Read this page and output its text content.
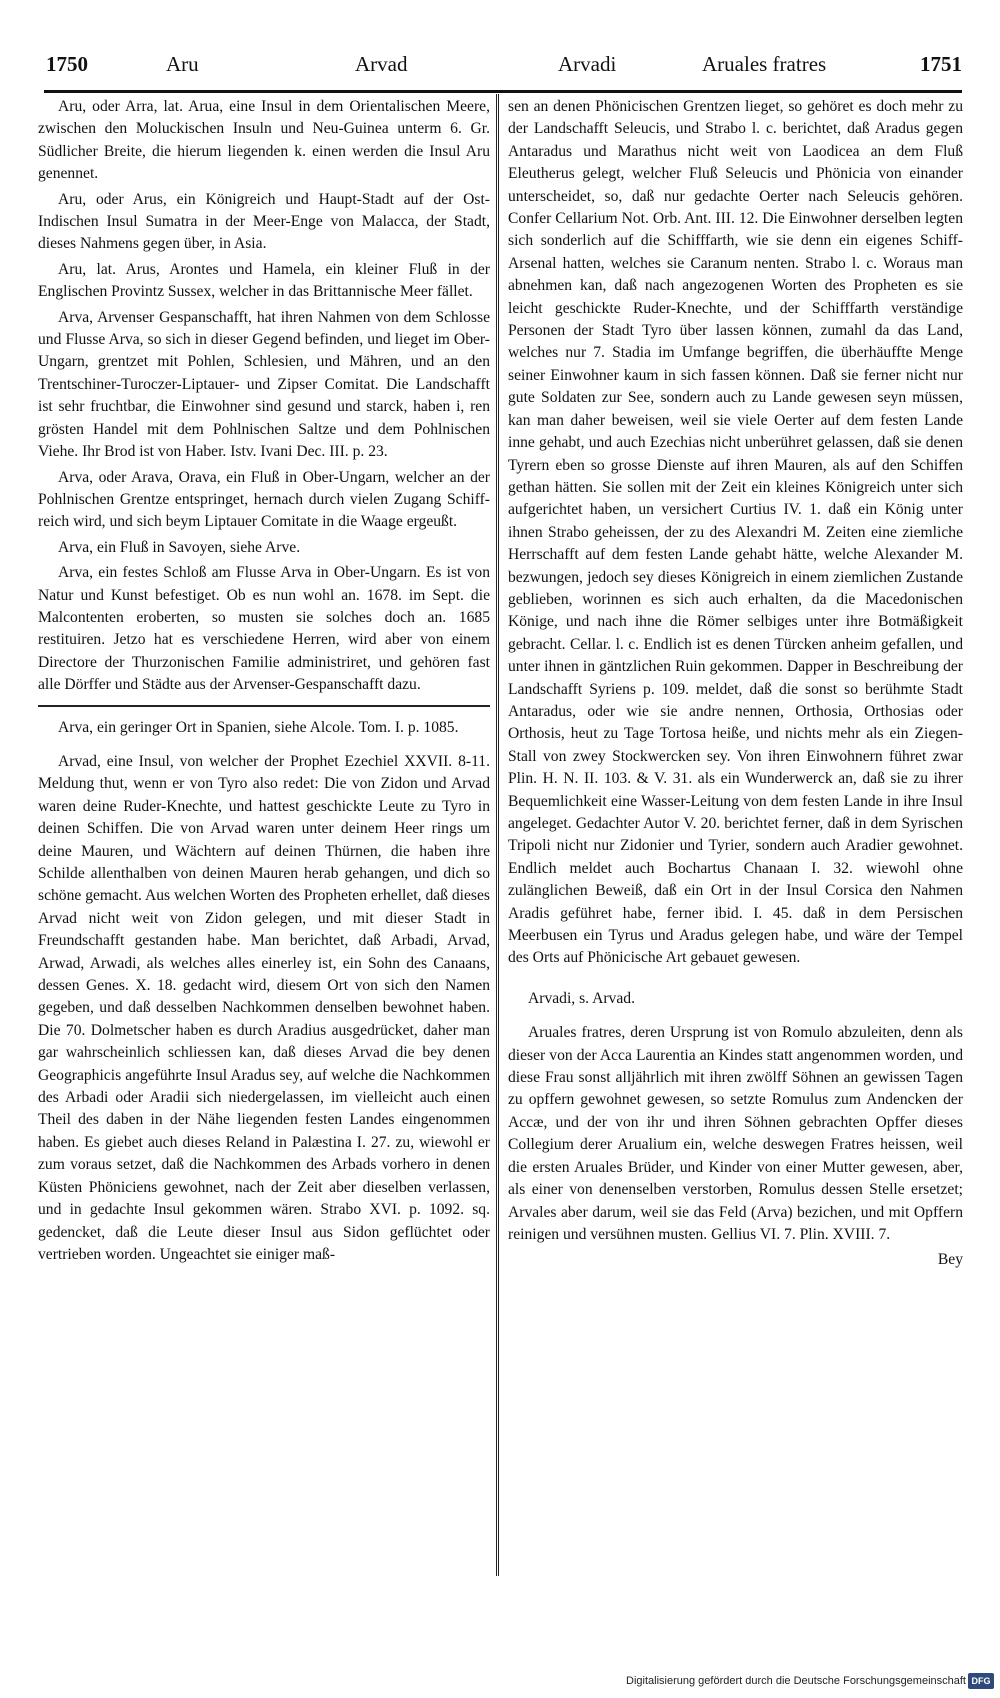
1750	Aru	Arvad	Arvadi	Aruales fratres	1751

Aru, oder Arra, lat. Arua, eine Insul in dem Orientalischen Meere, zwischen den Moluckischen Insuln und Neu-Guinea unterm 6. Gr. Südlicher Breite, die hierum liegenden k. einen werden die Insul Aru genennet.

Aru, oder Arus, ein Königreich und Haupt-Stadt auf der Ost-Indischen Insul Sumatra in der Meer-Enge von Malacca, der Stadt, dieses Nahmens gegen über, in Asia.

Aru, lat. Arus, Arontes und Hamela, ein kleiner Fluß in der Englischen Provintz Sussex, welcher in das Brittannische Meer fället.

Arva, Arvenser Gespanschafft, hat ihren Nahmen von dem Schlosse und Flusse Arva, so sich in dieser Gegend befinden, und lieget im Ober-Ungarn, grentzet mit Pohlen, Schlesien, und Mähren, und an den Trentschiner-Turoczer-Liptauer- und Zipser Comitat. Die Landschafft ist sehr fruchtbar, die Einwohner sind gesund und starck, haben i, ren grösten Handel mit dem Pohlnischen Saltze und dem Pohlnischen Viehe. Ihr Brod ist von Haber. Istv. Ivani Dec. III. p. 23.

Arva, oder Arava, Orava, ein Fluß in Ober-Ungarn, welcher an der Pohlnischen Grentze entspringet, hernach durch vielen Zugang Schiff-reich wird, und sich beym Liptauer Comitate in die Waage ergeußt.

Arva, ein Fluß in Savoyen, siehe Arve.

Arva, ein festes Schloß am Flusse Arva in Ober-Ungarn. Es ist von Natur und Kunst befestiget. Ob es nun wohl an. 1678. im Sept. die Malcontenten eroberten, so musten sie solches doch an. 1685 restituiren. Jetzo hat es verschiedene Herren, wird aber von einem Directore der Thurzonischen Familie administriret, und gehören fast alle Dörffer und Städte aus der Arvenser-Gespanschafft dazu.

Arva, ein geringer Ort in Spanien, siehe Alcole. Tom. I. p. 1085.

Arvad, eine Insul, von welcher der Prophet Ezechiel XXVII. 8-11. Meldung thut, wenn er von Tyro also redet: Die von Zidon und Arvad waren deine Ruder-Knechte, und hattest geschickte Leute zu Tyro in deinen Schiffen. Die von Arvad waren unter deinem Heer rings um deine Mauren, und Wächtern auf deinen Thürnen, die haben ihre Schilde allenthalben von deinen Mauren herab gehangen, und dich so schöne gemacht. Aus welchen Worten des Propheten erhellet, daß dieses Arvad nicht weit von Zidon gelegen, und mit dieser Stadt in Freundschafft gestanden habe. Man berichtet, daß Arbadi, Arvad, Arwad, Arwadi, als welches alles einerley ist, ein Sohn des Canaans, dessen Genes. X. 18. gedacht wird, diesem Ort von sich den Namen gegeben, und daß desselben Nachkommen denselben bewohnet haben. Die 70. Dolmetscher haben es durch Aradius ausgedrücket, daher man gar wahrscheinlich schliessen kan, daß dieses Arvad die bey denen Geographicis angeführte Insul Aradus sey, auf welche die Nachkommen des Arbadi oder Aradii sich niedergelassen, im vielleicht auch einen Theil des daben in der Nähe liegenden festen Landes eingenommen haben. Es giebet auch dieses Reland in Palæstina I. 27. zu, wiewohl er zum voraus setzet, daß die Nachkommen des Arbads vorhero in denen Küsten Phöniciens gewohnet, nach der Zeit aber dieselben verlassen, und in gedachte Insul gekommen wären. Strabo XVI. p. 1092. sq. gedencket, daß die Leute dieser Insul aus Sidon geflüchtet oder vertrieben worden. Ungeachtet sie einiger maß-

sen an denen Phönicischen Grentzen lieget, so gehöret es doch mehr zu der Landschafft Seleucis, und Strabo l. c. berichtet, daß Aradus gegen Antaradus und Marathus nicht weit von Laodicea an dem Fluß Eleutherus gelegt, welcher Fluß Seleucis und Phönicia von einander unterscheidet, so, daß nur gedachte Oerter nach Seleucis gehören. Confer Cellarium Not. Orb. Ant. III. 12. Die Einwohner derselben legten sich sonderlich auf die Schifffarth, wie sie denn ein eigenes Schiff-Arsenal hatten, welches sie Caranum nenten. Strabo l. c. Woraus man abnehmen kan, daß nach angezogenen Worten des Propheten es sie leicht geschickte Ruder-Knechte, und der Schifffarth verständige Personen der Stadt Tyro über lassen können, zumahl da das Land, welches nur 7. Stadia im Umfange begriffen, die überhäuffte Menge seiner Einwohner kaum in sich fassen können. Daß sie ferner nicht nur gute Soldaten zur See, sondern auch zu Lande gewesen seyn müssen, kan man daher beweisen, weil sie viele Oerter auf dem festen Lande inne gehabt, und auch Ezechias nicht unberühret gelassen, daß sie denen Tyrern eben so grosse Dienste auf ihren Mauren, als auf den Schiffen gethan hätten. Sie sollen mit der Zeit ein kleines Königreich unter sich aufgerichtet haben, un versichert Curtius IV. 1. daß ein König unter ihnen Strabo geheissen, der zu des Alexandri M. Zeiten eine ziemliche Herrschafft auf dem festen Lande gehabt hätte, welche Alexander M. bezwungen, jedoch sey dieses Königreich in einem ziemlichen Zustande geblieben, worinnen es sich auch erhalten, da die Macedonischen Könige, und nach ihne die Römer selbiges unter ihre Botmäßigkeit gebracht. Cellar. l. c. Endlich ist es denen Türcken anheim gefallen, und unter ihnen in gäntzlichen Ruin gekommen. Dapper in Beschreibung der Landschafft Syriens p. 109. meldet, daß die sonst so berühmte Stadt Antaradus, oder wie sie andre nennen, Orthosia, Orthosias oder Orthosis, heut zu Tage Tortosa heiße, und nichts mehr als ein Ziegen-Stall von zwey Stockwercken sey. Von ihren Einwohnern führet zwar Plin. H. N. II. 103. & V. 31. als ein Wunderwerck an, daß sie zu ihrer Bequemlichkeit eine Wasser-Leitung von dem festen Lande in ihre Insul angeleget. Gedachter Autor V. 20. berichtet ferner, daß in dem Syrischen Tripoli nicht nur Zidonier und Tyrier, sondern auch Aradier gewohnet. Endlich meldet auch Bochartus Chanaan I. 32. wiewohl ohne zulänglichen Beweiß, daß ein Ort in der Insul Corsica den Nahmen Aradis geführet habe, ferner ibid. I. 45. daß in dem Persischen Meerbusen ein Tyrus und Aradus gelegen habe, und wäre der Tempel des Orts auf Phönicische Art gebauet gewesen.

Arvadi, s. Arvad.

Aruales fratres, deren Ursprung ist von Romulo abzuleiten, denn als dieser von der Acca Laurentia an Kindes statt angenommen worden, und diese Frau sonst alljährlich mit ihren zwölff Söhnen an gewissen Tagen zu opffern gewohnet gewesen, so setzte Romulus zum Andencken der Accæ, und der von ihr und ihren Söhnen gebrachten Opffer dieses Collegium derer Arualium ein, welche deswegen Fratres heissen, weil die ersten Aruales Brüder, und Kinder von einer Mutter gewesen, aber, als einer von denenselben verstorben, Romulus dessen Stelle ersetzet; Arvales aber darum, weil sie das Feld (Arva) bezichen, und mit Opffern reinigen und versühnen musten. Gellius VI. 7. Plin. XVIII. 7.

Bey

Digitalisierung gefördert durch die Deutsche Forschungsgemeinschaft DFG
